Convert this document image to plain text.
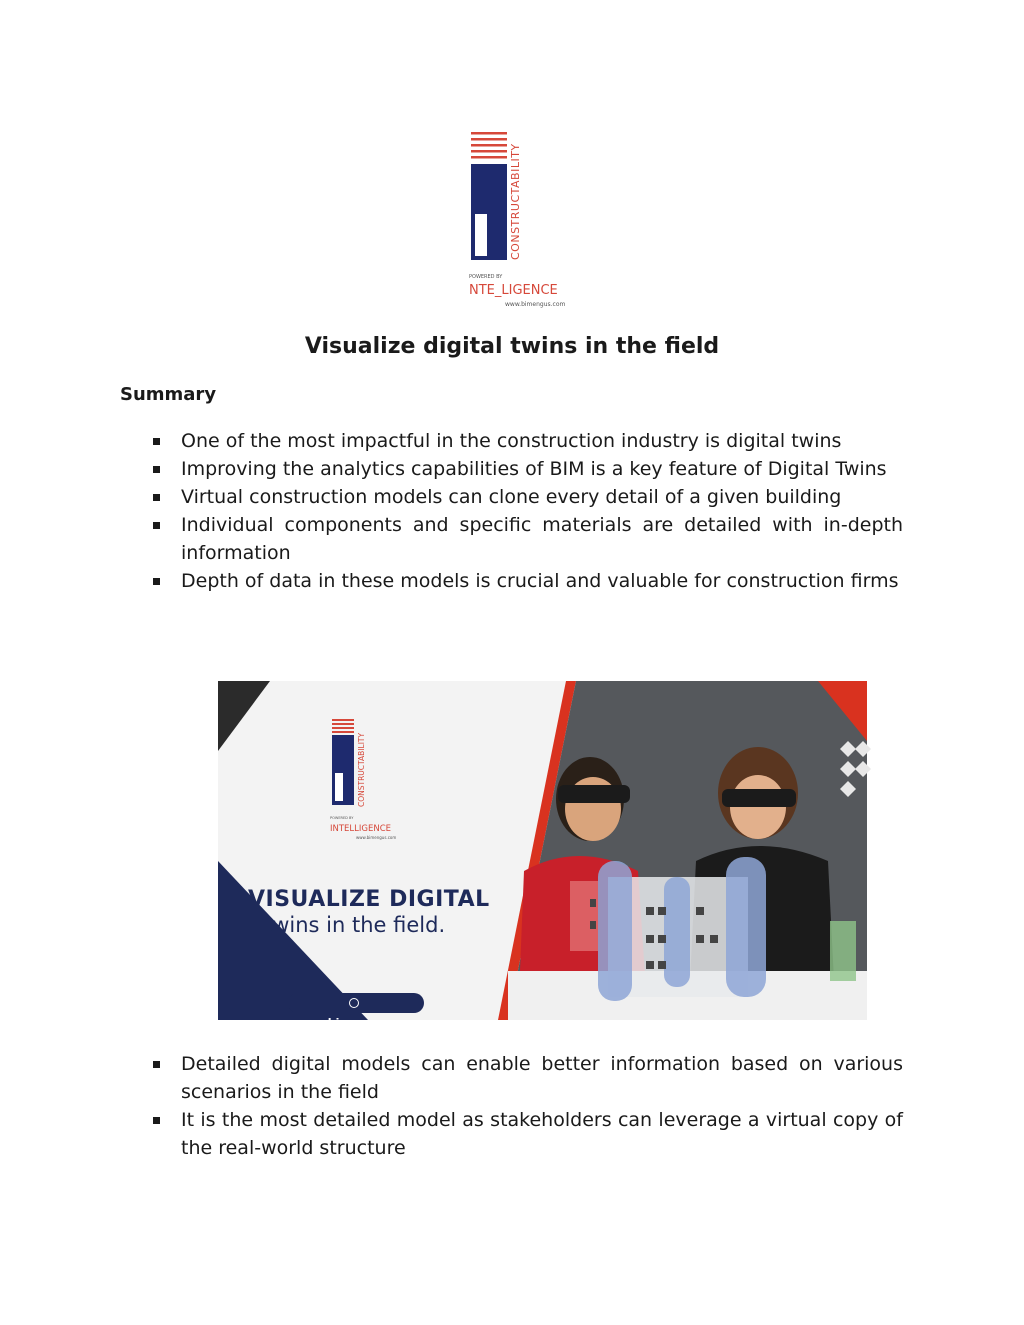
CONSTRUCTABILITY
POWERED BY
NTE_LIGENCE
www.bimengus.com
Visualize digital twins in the field
Summary
One of the most impactful in the construction industry is digital twins
Improving the analytics capabilities of BIM is a key feature of Digital Twins
Virtual construction models can clone every detail of a given building
Individual components and specific materials are detailed with in-depth information
Depth of data in these models is crucial and valuable for construction firms
CONSTRUCTABILITY
POWERED BY
INTELLIGENCE
www.bimengus.com
VISUALIZE DIGITAL
twins in the field.
www.bimengus.com
Detailed digital models can enable better information based on various scenarios in the field
It is the most detailed model as stakeholders can leverage a virtual copy of the real-world structure
